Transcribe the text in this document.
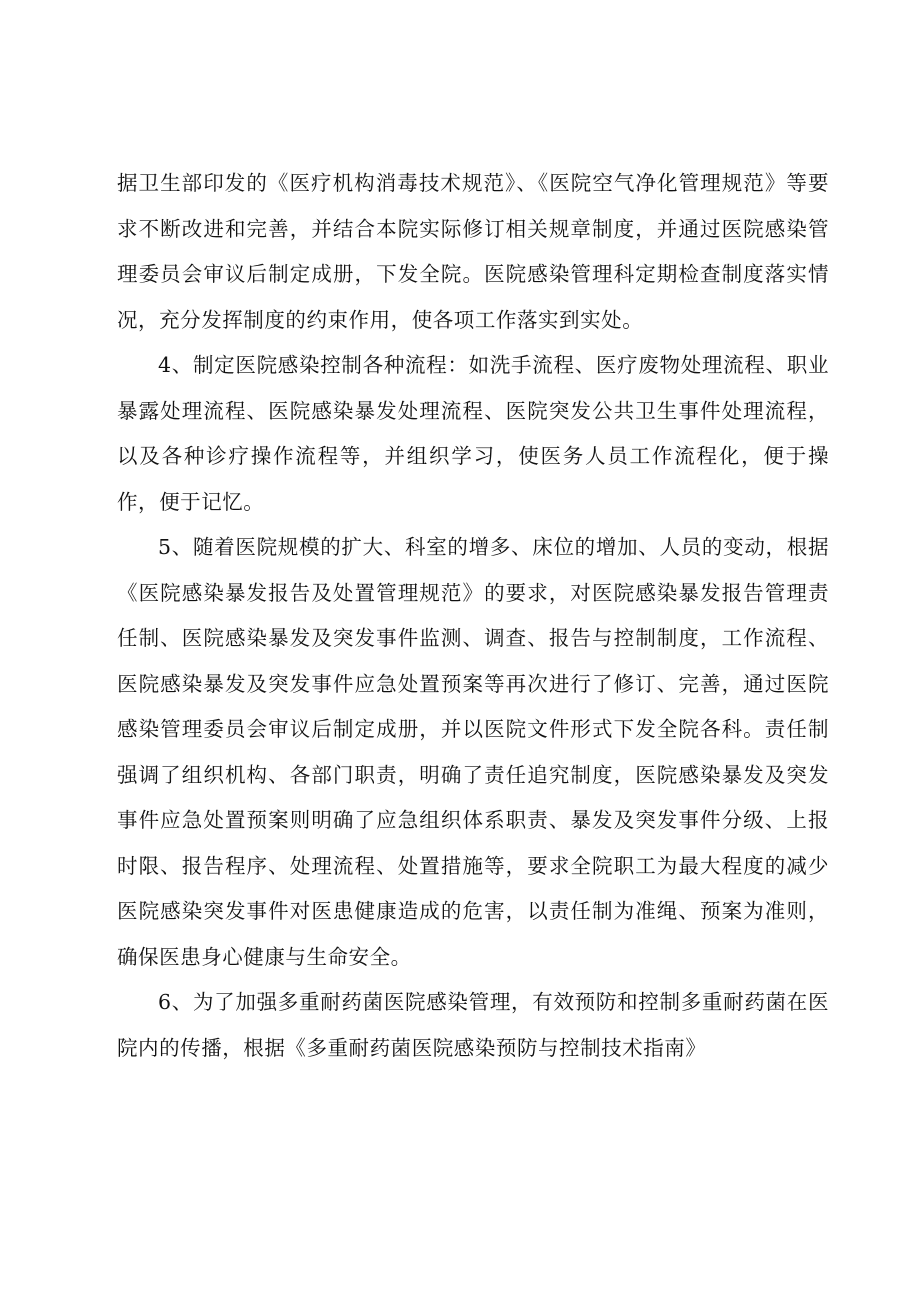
据卫生部印发的《医疗机构消毒技术规范》、《医院空气净化管理规范》等要求不断改进和完善，并结合本院实际修订相关规章制度，并通过医院感染管理委员会审议后制定成册，下发全院。医院感染管理科定期检查制度落实情况，充分发挥制度的约束作用，使各项工作落实到实处。

4、制定医院感染控制各种流程：如洗手流程、医疗废物处理流程、职业暴露处理流程、医院感染暴发处理流程、医院突发公共卫生事件处理流程，以及各种诊疗操作流程等，并组织学习，使医务人员工作流程化，便于操作，便于记忆。

5、随着医院规模的扩大、科室的增多、床位的增加、人员的变动，根据《医院感染暴发报告及处置管理规范》的要求，对医院感染暴发报告管理责任制、医院感染暴发及突发事件监测、调查、报告与控制制度，工作流程、医院感染暴发及突发事件应急处置预案等再次进行了修订、完善，通过医院感染管理委员会审议后制定成册，并以医院文件形式下发全院各科。责任制强调了组织机构、各部门职责，明确了责任追究制度，医院感染暴发及突发事件应急处置预案则明确了应急组织体系职责、暴发及突发事件分级、上报时限、报告程序、处理流程、处置措施等，要求全院职工为最大程度的减少医院感染突发事件对医患健康造成的危害，以责任制为准绳、预案为准则，确保医患身心健康与生命安全。

6、为了加强多重耐药菌医院感染管理，有效预防和控制多重耐药菌在医院内的传播，根据《多重耐药菌医院感染预防与控制技术指南》
